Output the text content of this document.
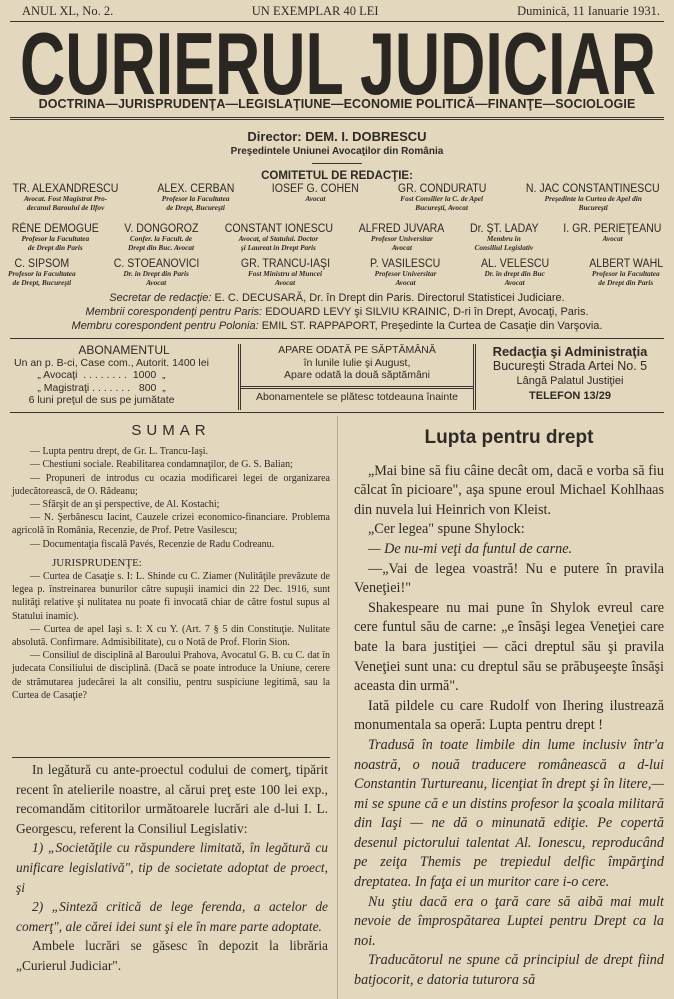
ANUL XL, No. 2.	UN EXEMPLAR 40 LEI	Duminică, 11 Ianuarie 1931.
CURIERUL JUDICIAR
DOCTRINA—JURISPRUDENŢA—LEGISLAŢIUNE—ECONOMIE POLITICĂ—FINANŢE—SOCIOLOGIE
Director: DEM. I. DOBRESCU
Preşedintele Uniunei Avocaţilor din România
COMITETUL DE REDACŢIE:
TR. ALEXANDRESCU
Avocat. Fost Magistrat Pro-
decanul Baroului de Ilfov
ALEX. CERBAN
Profesor la Facultatea
de Drept, Bucureşti
IOSEF G. COHEN
Avocat
GR. CONDURATU
Fost Consilier la C. de Apel
Bucureşti, Avocat
N. JAC CONSTANTINESCU
Preşedinte la Curtea de Apel din
Bucureşti
RÉNE DEMOGUE
Profesor la Facultatea
de Drept din Paris
V. DONGOROZ
Confer. la Facult. de
Drept din Buc. Avocat
CONSTANT IONESCU
Avocat, al Statului. Doctor
şi Laureat in Drept Paris
ALFRED JUVARA
Profesor Universitar
Avocat
Dr. ŞT. LADAY
Membru în
Consiliul Legislativ
I. GR. PERIEŢEANU
Avocat
C. SIPSOM
Profesor la Facultatea
de Drept, Bucureşti
C. STOEANOVICI
Dr. in Drept din Paris
Avocat
GR. TRANCU-IAŞI
Fost Ministru al Muncei
Avocat
P. VASILESCU
Profesor Universitar
Avocat
AL. VELESCU
Dr. în drept din Buc
Avocat
ALBERT WAHL
Profesor la Facultatea
de Drept din Paris
Secretar de redacţie: E. C. DECUSARĂ, Dr. în Drept din Paris. Directorul Statisticei Judiciare.
Membrii corespondenţi pentru Paris: EDOUARD LEVY şi SILVIU KRAINIC, D-ri în Drept, Avocaţi, Paris.
Membru corespondent pentru Polonia: EMIL ST. RAPPAPORT, Preşedinte la Curtea de Casaţie din Varşovia.
ABONAMENTUL
Un an p. B-ci, Case com., Autorit. 1400 lei
„ Avocaţi  . . . . . . . .  1000  „
„ Magistraţi . . . . . . .   800  „
6 luni preţul de sus pe jumătate
APARE ODATĂ PE SĂPTĂMÂNĂ
în lunile Iulie şi August,
Apare odată la două săptămâni
Abonamentele se plătesc totdeauna înainte
Redacţia şi Administraţia
Bucureşti Strada Artei No. 5
Lângă Palatul Justiţiei
TELEFON 13/29
SUMAR

— Lupta pentru drept, de Gr. L. Trancu-Iaşi.

— Chestiuni sociale. Reabilitarea condamnaţilor, de G. S. Balian;

— Propuneri de introdus cu ocazia modificarei legei de organizarea judecătorească, de O. Rădeanu;

— Sfârşit de an şi perspective, de Al. Kostachi;

— N. Şerbănescu Iacint, Cauzele crizei economico-financiare. Problema agricolă în România, Recenzie, de Prof. Petre Vasilescu;

— Documentaţia fiscală Pavés, Recenzie de Radu Codreanu.

JURISPRUDENŢE:

— Curtea de Casaţie s. I: L. Shinde cu C. Ziamer (Nulităţile prevăzute de legea p. înstreinarea bunurilor către supuşii inamici din 22 Dec. 1916, sunt nulităţi relative şi nulitatea nu poate fi invocată chiar de către fostul supus al Statului inamic).

— Curtea de apel Iaşi s. I: X cu Y. (Art. 7 § 5 din Constituţie. Nulitate absolută. Confirmare. Admisibilitate), cu o Notă de Prof. Florin Sion.

— Consiliul de disciplină al Baroului Prahova, Avocatul G. B. cu C. dat în judecata Consiliului de disciplină. (Dacă se poate introduce la Uniune, cerere de strămutarea judecărei la alt consiliu, pentru suspiciune legitimă, sau la Curtea de Casaţie?

In legătură cu ante-proectul codului de comerţ, tipărit recent în atelierile noastre, al cărui preţ este 100 lei exp., recomandăm cititorilor următoarele lucrări ale d-lui I. L. Georgescu, referent la Consiliul Legislativ:

1) „Societăţile cu răspundere limitată, în legătură cu unificare legislativă", tip de societate adoptat de proect, şi

2) „Sinteză critică de lege ferenda, a actelor de comerţ", ale cărei idei sunt şi ele în mare parte adoptate.

Ambele lucrări se găsesc în depozit la librăria „Curierul Judiciar".

Lupta pentru drept

„Mai bine să fiu câine decât om, dacă e vorba să fiu călcat în picioare", aşa spune eroul Michael Kohlhaas din nuvela lui Heinrich von Kleist.

„Cer legea" spune Shylock:

— De nu-mi veţi da funtul de carne.

—„Vai de legea voastră! Nu e putere în pravila Veneţiei!"

Shakespeare nu mai pune în Shylok evreul care cere funtul său de carne: „e însăşi legea Veneţiei care bate la bara justiţiei — căci dreptul său şi pravila Veneţiei sunt una: cu dreptul său se prăbuşeeşte însăşi aceasta din urmă".

Iată pildele cu care Rudolf von Ihering ilustrează monumentala sa operă: Lupta pentru drept !

Tradusă în toate limbile din lume inclusiv într'a noastră, o nouă traducere românească a d-lui Constantin Turtureanu, licenţiat în drept şi în litere,—mi se spune că e un distins profesor la şcoala militară din Iaşi — ne dă o minunată ediţie. Pe copertă desenul pictorului talentat Al. Ionescu, reproducând pe zeiţa Themis pe trepiedul delfic împărţind dreptatea. In faţa ei un muritor care i-o cere.

Nu ştiu dacă era o ţară care să aibă mai mult nevoie de împrospătarea Luptei pentru Drept ca la noi.

Traducătorul ne spune că principiul de drept fiind batjocorit, e datoria tuturora să
